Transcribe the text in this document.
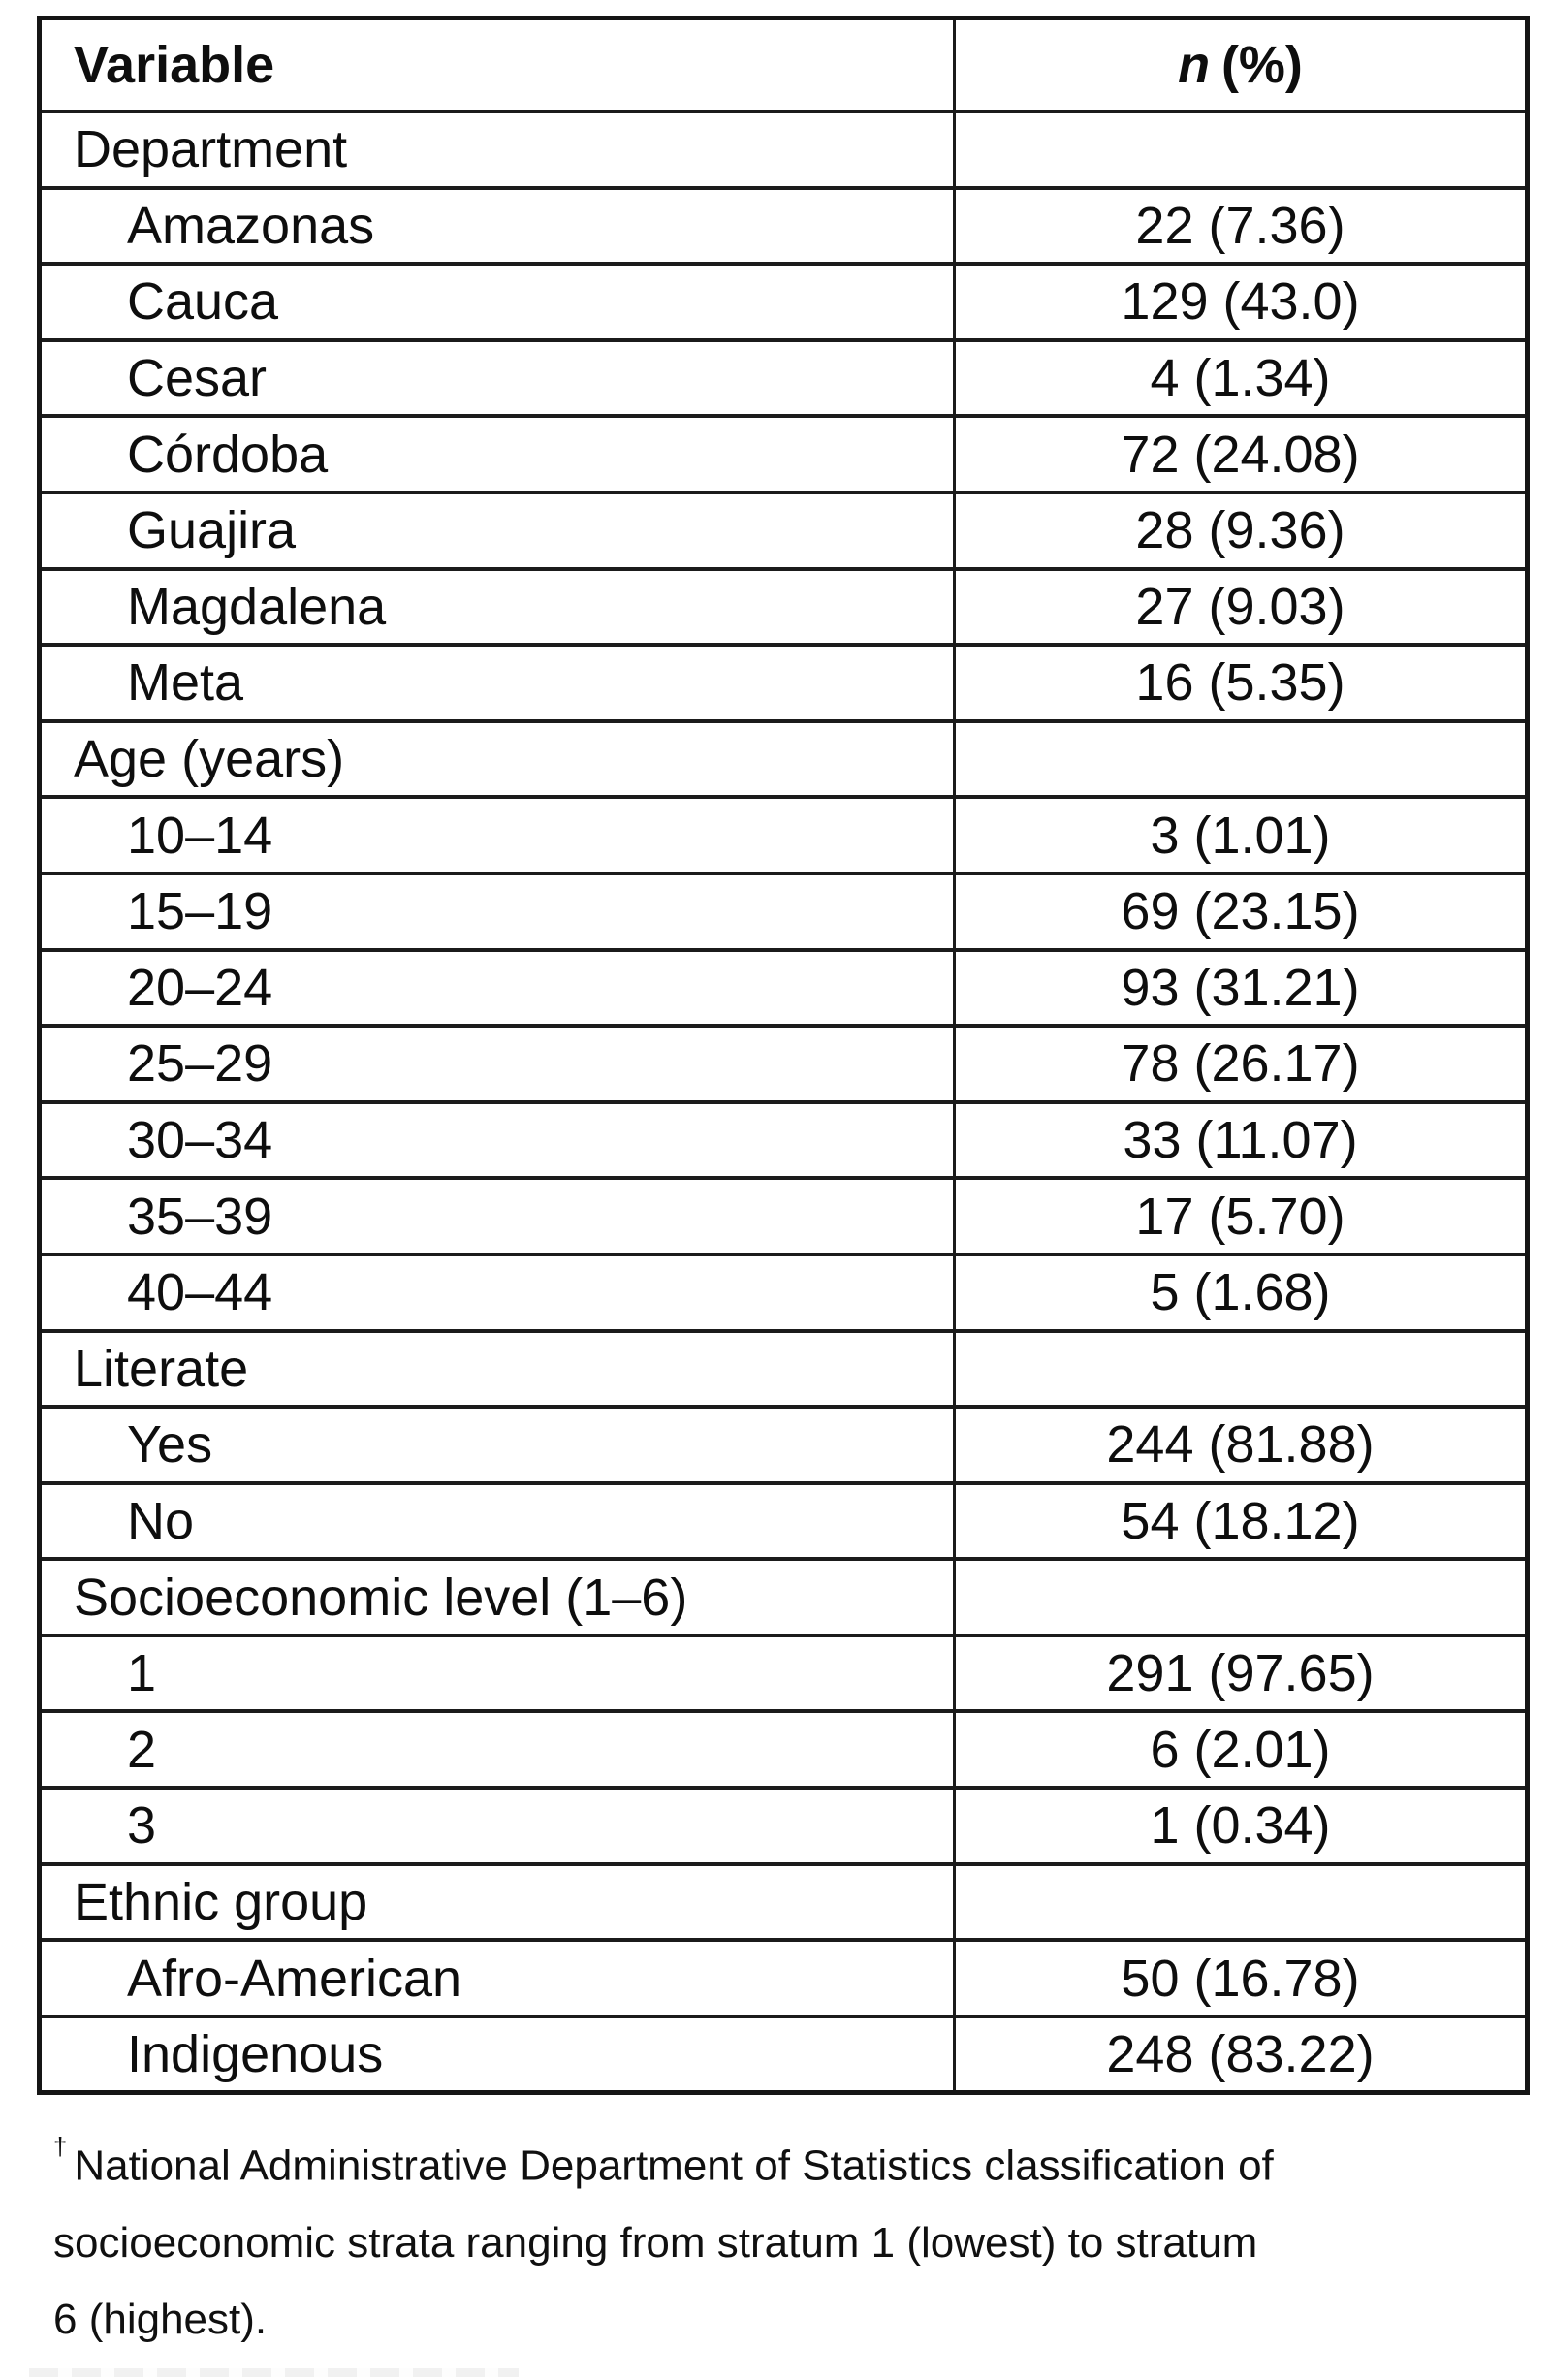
Variable	n (%)
Department
Amazonas	22 (7.36)
Cauca	129 (43.0)
Cesar	4 (1.34)
Córdoba	72 (24.08)
Guajira	28 (9.36)
Magdalena	27 (9.03)
Meta	16 (5.35)
Age (years)
10–14	3 (1.01)
15–19	69 (23.15)
20–24	93 (31.21)
25–29	78 (26.17)
30–34	33 (11.07)
35–39	17 (5.70)
40–44	5 (1.68)
Literate
Yes	244 (81.88)
No	54 (18.12)
Socioeconomic level (1–6)
1	291 (97.65)
2	6 (2.01)
3	1 (0.34)
Ethnic group
Afro-American	50 (16.78)
Indigenous	248 (83.22)
† National Administrative Department of Statistics classification of
socioeconomic strata ranging from stratum 1 (lowest) to stratum
6 (highest).
